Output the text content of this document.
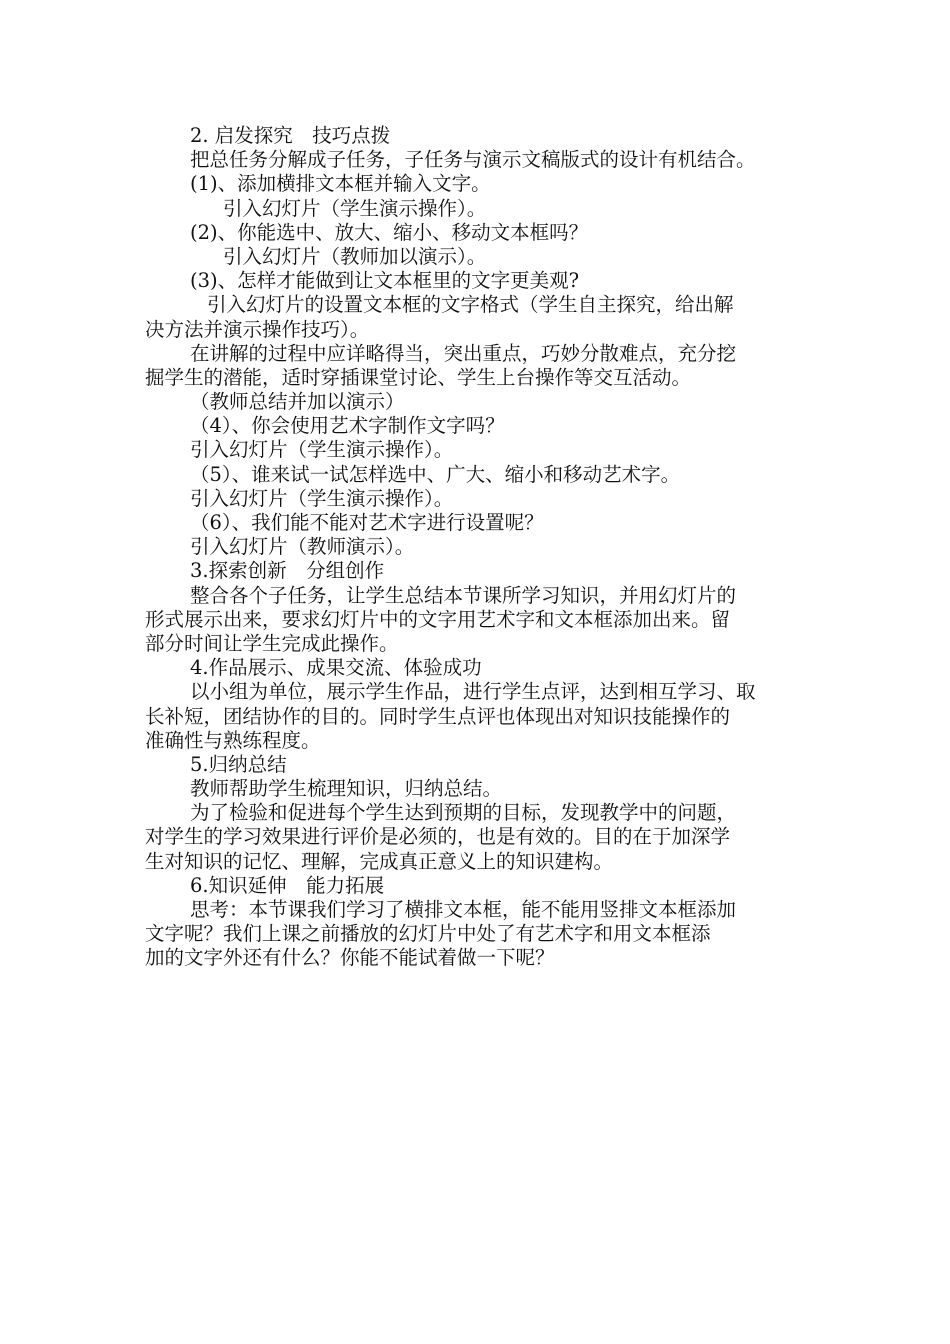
2. 启发探究　技巧点拨
把总任务分解成子任务，子任务与演示文稿版式的设计有机结合。
(1)、添加横排文本框并输入文字。
引入幻灯片（学生演示操作）。
(2)、你能选中、放大、缩小、移动文本框吗？
引入幻灯片（教师加以演示）。
(3)、怎样才能做到让文本框里的文字更美观?
引入幻灯片的设置文本框的文字格式（学生自主探究，给出解
决方法并演示操作技巧）。
在讲解的过程中应详略得当，突出重点，巧妙分散难点，充分挖
掘学生的潜能，适时穿插课堂讨论、学生上台操作等交互活动。
（教师总结并加以演示）
（4）、你会使用艺术字制作文字吗？
引入幻灯片（学生演示操作）。
（5）、谁来试一试怎样选中、广大、缩小和移动艺术字。
引入幻灯片（学生演示操作）。
（6）、我们能不能对艺术字进行设置呢？
引入幻灯片（教师演示）。
3.探索创新　分组创作
整合各个子任务，让学生总结本节课所学习知识，并用幻灯片的
形式展示出来，要求幻灯片中的文字用艺术字和文本框添加出来。留
部分时间让学生完成此操作。
4.作品展示、成果交流、体验成功
以小组为单位，展示学生作品，进行学生点评，达到相互学习、取
长补短，团结协作的目的。同时学生点评也体现出对知识技能操作的
准确性与熟练程度。
5.归纳总结
教师帮助学生梳理知识，归纳总结。
为了检验和促进每个学生达到预期的目标，发现教学中的问题，
对学生的学习效果进行评价是必须的，也是有效的。目的在于加深学
生对知识的记忆、理解，完成真正意义上的知识建构。
6.知识延伸　能力拓展
思考：本节课我们学习了横排文本框，能不能用竖排文本框添加
文字呢？我们上课之前播放的幻灯片中处了有艺术字和用文本框添
加的文字外还有什么？你能不能试着做一下呢？
